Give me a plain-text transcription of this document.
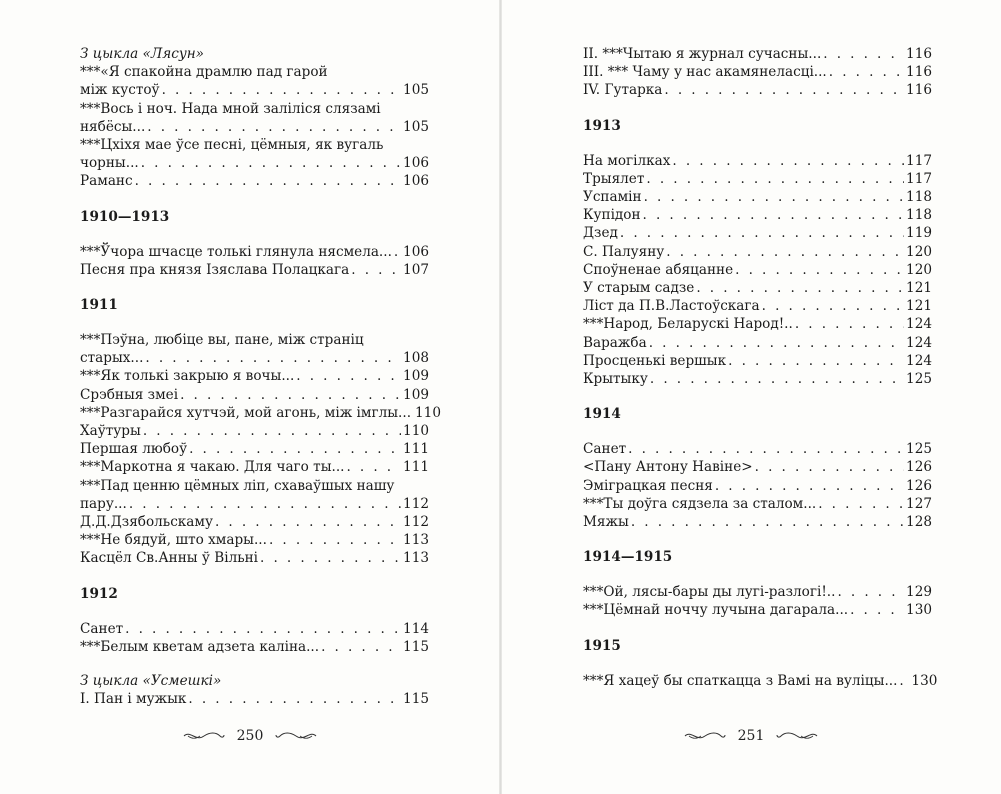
З цыкла «Лясун»
***«Я спакойна драмлю пад гарой
між кустоў . . .	105
***Вось і ноч. Нада мной заліліся слязамі
нябёсы... . . .	105
***Цхіхя мае ўсе песні, цёмныя, як вугаль
чорны... . . .	106
Раманс . . .	106
1910—1913
***Ўчора шчасце толькі глянула нясмела... . . . 106
Песня пра князя Ізяслава Полацкага . . .	107
1911
***Пэўна, любіце вы, пане, між страніц
старых... . . .	108
***Як толькі закрыю я вочы... . . .	109
Срэбныя змеі . . .	109
***Разгарайся хутчэй, мой агонь, між імглы... 110
Хаўтуры . . .	110
Першая любоў . . .	111
***Маркотна я чакаю. Для чаго ты... . . .	111
***Пад ценню цёмных ліп, схаваўшых нашу
пару... . . .	112
Д.Д.Дзябольскаму . . .	112
***Не бядуй, што хмары... . . .	113
Касцёл Св.Анны ў Вільні . . .	113
1912
Санет . . .	114
***Белым кветам адзета каліна... . . .	115
З цыкла «Усмешкі»
І. Пан і мужык . . .	115
250
ІІ. ***Чытаю я журнал сучасны... . . .	116
ІІІ. *** Чаму у нас акамянеласці... . . .	116
IV. Гутарка . . .	116
1913
На могілках . . .	117
Трыялет . . .	117
Успамін . . .	118
Купідон . . .	118
Дзед . . .	119
С. Палуяну . . .	120
Споўненае абяцанне . . .	120
У старым садзе . . .	121
Ліст да П.В.Ластоўскага . . .	121
***Народ, Беларускі Народ!.. . . .	124
Варажба . . .	124
Просценькі вершык . . .	124
Крытыку . . .	125
1914
Санет . . .	125
<Пану Антону Навіне> . . .	126
Эміграцкая песня . . .	126
***Ты доўга сядзела за сталом... . . .	127
Мяжы . . .	128
1914—1915
***Ой, лясы-бары ды лугі-разлогі!.. . . .	129
***Цёмнай ноччу лучына дагарала... . . .	130
1915
***Я хацеў бы спаткацца з Вамі на вуліцы... . . . 130
251
